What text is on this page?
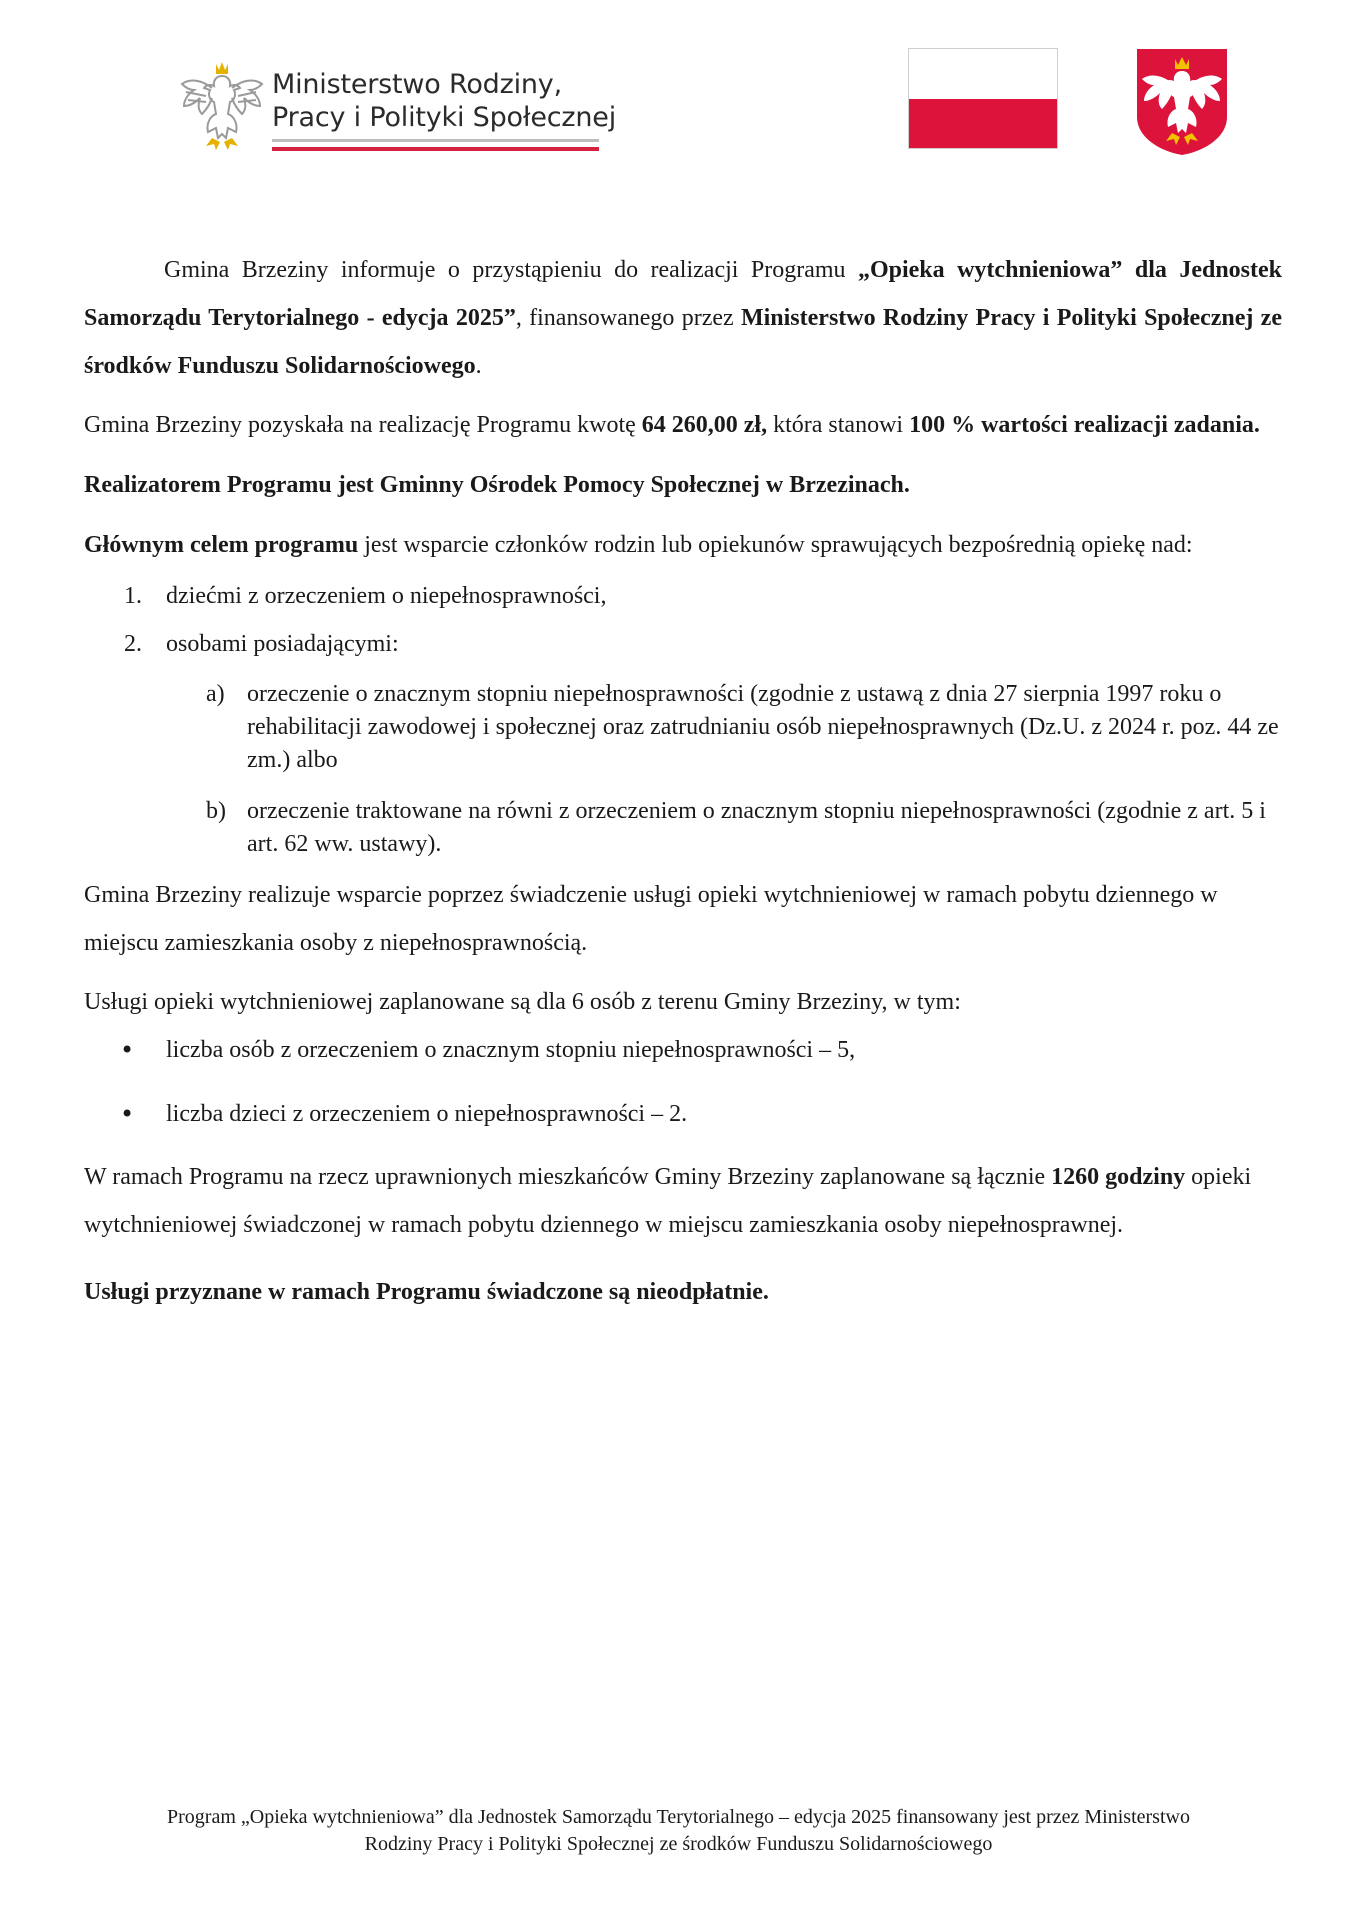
Ministerstwo Rodziny,
Pracy i Polityki Społecznej

Gmina Brzeziny informuje o przystąpieniu do realizacji Programu „Opieka wytchnieniowa” dla Jednostek Samorządu Terytorialnego - edycja 2025”, finansowanego przez Ministerstwo Rodziny Pracy i Polityki Społecznej ze środków Funduszu Solidarnościowego.

Gmina Brzeziny pozyskała na realizację Programu kwotę 64 260,00 zł, która stanowi 100 % wartości realizacji zadania.

Realizatorem Programu jest Gminny Ośrodek Pomocy Społecznej w Brzezinach.

Głównym celem programu jest wsparcie członków rodzin lub opiekunów sprawujących bezpośrednią opiekę nad:

1. dziećmi z orzeczeniem o niepełnosprawności,
2. osobami posiadającymi:
a) orzeczenie o znacznym stopniu niepełnosprawności (zgodnie z ustawą z dnia 27 sierpnia 1997 roku o rehabilitacji zawodowej i społecznej oraz zatrudnianiu osób niepełnosprawnych (Dz.U. z 2024 r. poz. 44 ze zm.) albo
b) orzeczenie traktowane na równi z orzeczeniem o znacznym stopniu niepełnosprawności (zgodnie z art. 5 i art. 62 ww. ustawy).

Gmina Brzeziny realizuje wsparcie poprzez świadczenie usługi opieki wytchnieniowej w ramach pobytu dziennego w miejscu zamieszkania osoby z niepełnosprawnością.

Usługi opieki wytchnieniowej zaplanowane są dla 6 osób z terenu Gminy Brzeziny, w tym:

• liczba osób z orzeczeniem o znacznym stopniu niepełnosprawności – 5,
• liczba dzieci z orzeczeniem o niepełnosprawności – 2.

W ramach Programu na rzecz uprawnionych mieszkańców Gminy Brzeziny zaplanowane są łącznie 1260 godziny opieki wytchnieniowej świadczonej w ramach pobytu dziennego w miejscu zamieszkania osoby niepełnosprawnej.

Usługi przyznane w ramach Programu świadczone są nieodpłatnie.

Program „Opieka wytchnieniowa” dla Jednostek Samorządu Terytorialnego – edycja 2025 finansowany jest przez Ministerstwo
Rodziny Pracy i Polityki Społecznej ze środków Funduszu Solidarnościowego
